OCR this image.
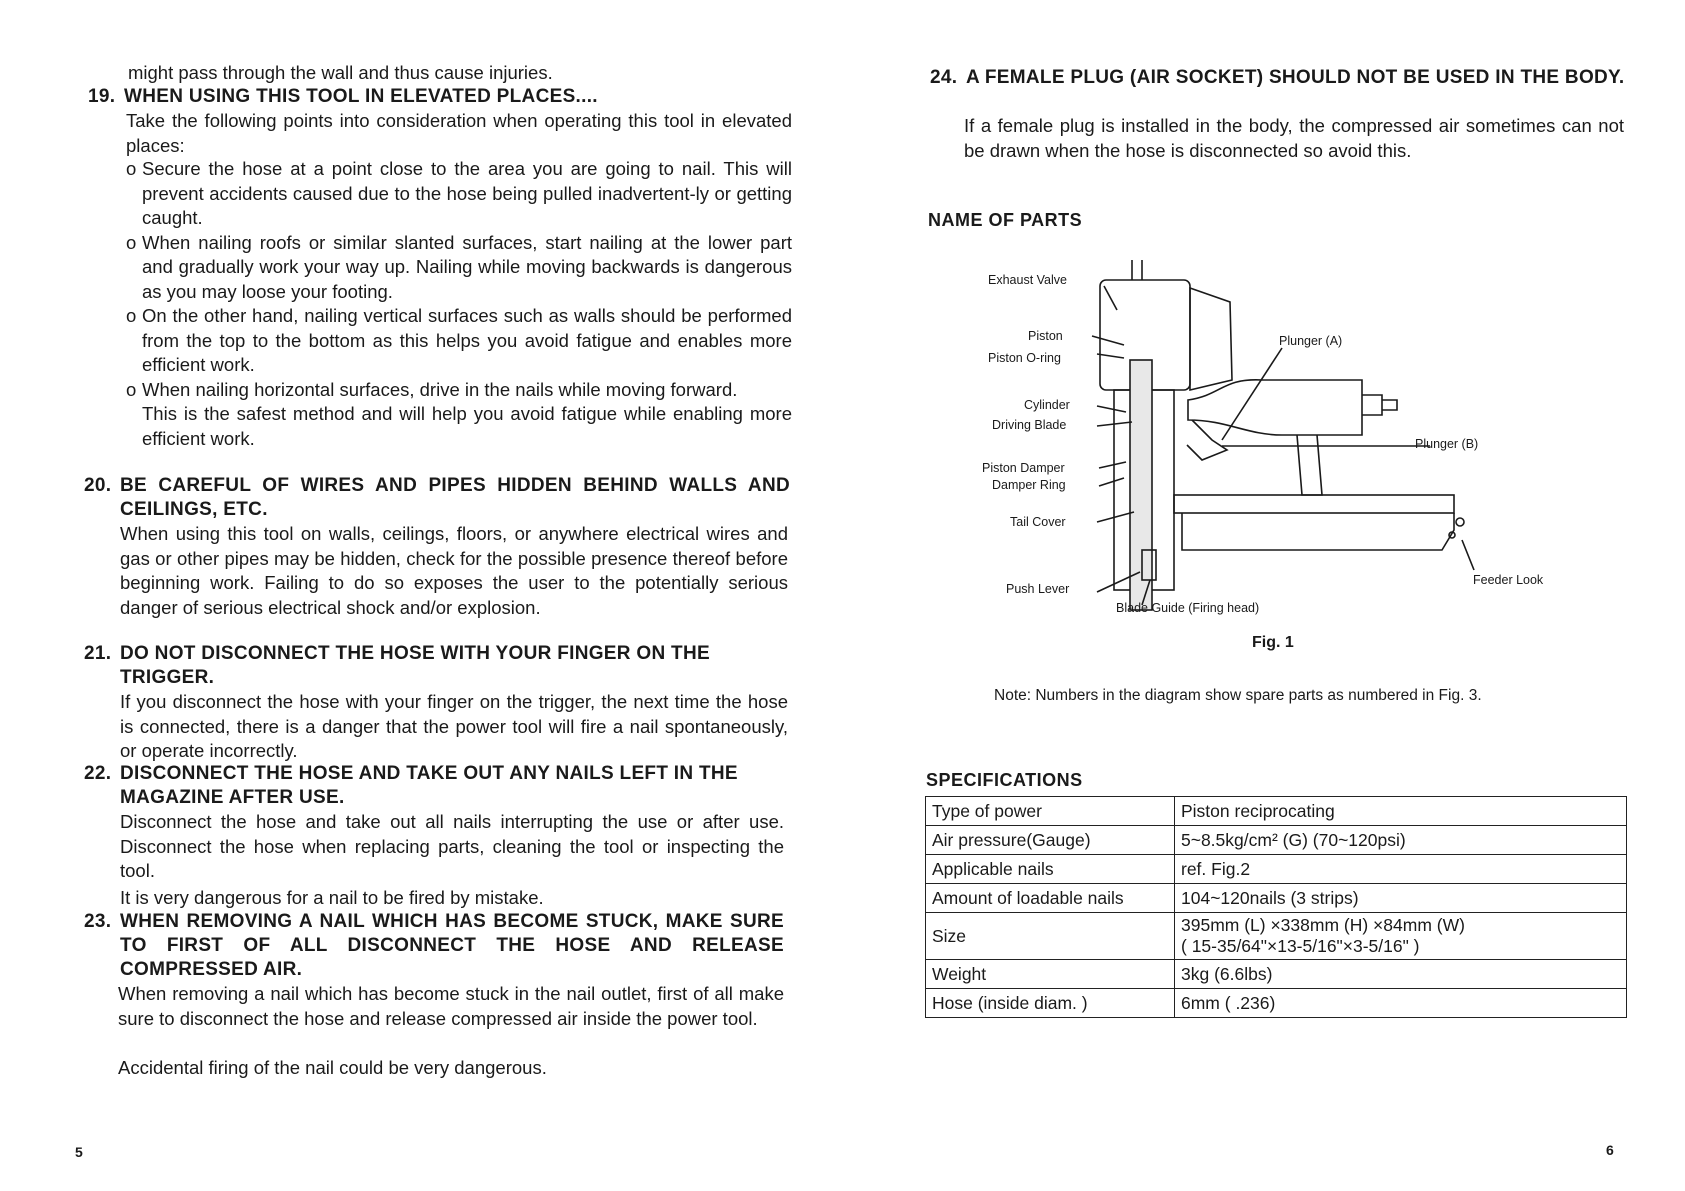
might pass through the wall and thus cause injuries.

19. WHEN USING THIS TOOL IN ELEVATED PLACES....

Take the following points into consideration when operating this tool in elevated places:

o Secure the hose at a point close to the area you are going to nail. This will prevent accidents caused due to the hose being pulled inadvertent-ly or getting caught.
o When nailing roofs or similar slanted surfaces, start nailing at the lower part and gradually work your way up. Nailing while moving backwards is dangerous as you may loose your footing.
o On the other hand, nailing vertical surfaces such as walls should be performed from the top to the bottom as this helps you avoid fatigue and enables more efficient work.
o When nailing horizontal surfaces, drive in the nails while moving forward.
This is the safest method and will help you avoid fatigue while enabling more efficient work.
20. BE CAREFUL OF WIRES AND PIPES HIDDEN BEHIND WALLS AND CEILINGS, ETC.

When using this tool on walls, ceilings, floors, or anywhere electrical wires and gas or other pipes may be hidden, check for the possible presence thereof before beginning work. Failing to do so exposes the user to the potentially serious danger of serious electrical shock and/or explosion.

21. DO NOT DISCONNECT THE HOSE WITH YOUR FINGER ON THE TRIGGER.

If you disconnect the hose with your finger on the trigger, the next time the hose is connected, there is a danger that the power tool will fire a nail spontaneously, or operate incorrectly.

22. DISCONNECT THE HOSE AND TAKE OUT ANY NAILS LEFT IN THE MAGAZINE AFTER USE.

Disconnect the hose and take out all nails interrupting the use or after use. Disconnect the hose when replacing parts, cleaning the tool or inspecting the tool.

It is very dangerous for a nail to be fired by mistake.

23. WHEN REMOVING A NAIL WHICH HAS BECOME STUCK, MAKE SURE TO FIRST OF ALL DISCONNECT THE HOSE AND RELEASE COMPRESSED AIR.

When removing a nail which has become stuck in the nail outlet, first of all make sure to disconnect the hose and release compressed air inside the power tool.

Accidental firing of the nail could be very dangerous.

5
24. A FEMALE PLUG (AIR SOCKET) SHOULD NOT BE USED IN THE BODY.

If a female plug is installed in the body, the compressed air sometimes can not be drawn when the hose is disconnected so avoid this.

NAME OF PARTS
Exhaust Valve
Piston
Piston O-ring
Cylinder
Driving Blade
Piston Damper
Damper Ring
Tail Cover
Push Lever
Blade Guide (Firing head)
Plunger (A)
Plunger (B)
Feeder Look
Fig. 1
Note: Numbers in the diagram show spare parts as numbered in Fig. 3.
SPECIFICATIONS
Type of power	Piston reciprocating
Air pressure(Gauge)	5~8.5kg/cm² (G) (70~120psi)
Applicable nails	ref. Fig.2
Amount of loadable nails	104~120nails (3 strips)
Size	395mm (L) ×338mm (H) ×84mm (W)
( 15-35/64"×13-5/16"×3-5/16" )

Weight	3kg (6.6lbs)
Hose (inside diam. )	6mm ( .236)
6
